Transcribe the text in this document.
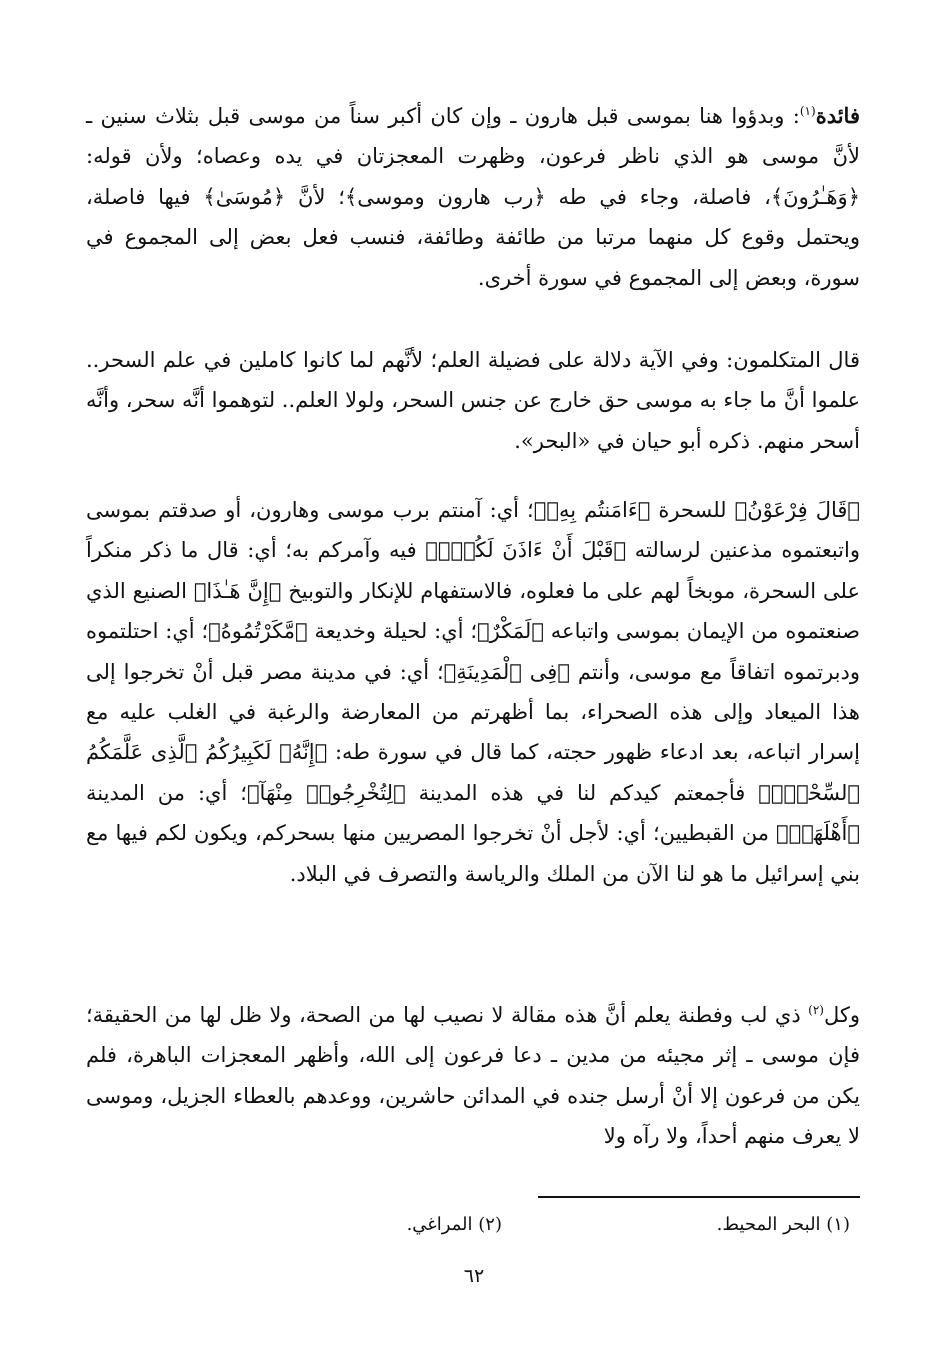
فائدة$^{(١)}$: وبدؤوا هنا بموسى قبل هارون ـ وإن كان أكبر سناً من موسى قبل بثلاث سنين ـ لأنَّ موسى هو الذي ناظر فرعون، وظهرت المعجزتان في يده وعصاه؛ ولأن قوله: ﴿وَهَـٰرُونَ﴾، فاصلة، وجاء في طه ﴿رب هارون وموسى﴾؛ لأنَّ ﴿مُوسَىٰ﴾ فيها فاصلة، ويحتمل وقوع كل منهما مرتبا من طائفة وطائفة، فنسب فعل بعض إلى المجموع في سورة، وبعض إلى المجموع في سورة أخرى.

قال المتكلمون: وفي الآية دلالة على فضيلة العلم؛ لأنَّهم لما كانوا كاملين في علم السحر.. علموا أنَّ ما جاء به موسى حق خارج عن جنس السحر، ولولا العلم.. لتوهموا أنَّه سحر، وأنَّه أسحر منهم. ذكره أبو حيان في «البحر».

﴿قَالَ فِرْعَوْنُ﴾ للسحرة ﴿ءَامَنتُم بِهِۦ﴾؛ أي: آمنتم برب موسى وهارون، أو صدقتم بموسى واتبعتموه مذعنين لرسالته ﴿قَبْلَ أَنْ ءَاذَنَ لَكُمْۖ﴾ فيه وآمركم به؛ أي: قال ما ذكر منكراً على السحرة، موبخاً لهم على ما فعلوه، فالاستفهام للإنكار والتوبيخ ﴿إِنَّ هَـٰذَا﴾ الصنيع الذي صنعتموه من الإيمان بموسى واتباعه ﴿لَمَكْرٌ﴾؛ أي: لحيلة وخديعة ﴿مَّكَرْتُمُوهُ﴾؛ أي: احتلتموه ودبرتموه اتفاقاً مع موسى، وأنتم ﴿فِى ٱلْمَدِينَةِ﴾؛ أي: في مدينة مصر قبل أنْ تخرجوا إلى هذا الميعاد وإلى هذه الصحراء، بما أظهرتم من المعارضة والرغبة في الغلب عليه مع إسرار اتباعه، بعد ادعاء ظهور حجته، كما قال في سورة طه: ﴿إِنَّهُۥ لَكَبِيرُكُمُ ٱلَّذِى عَلَّمَكُمُ ٱلسِّحْرَۖ﴾ فأجمعتم كيدكم لنا في هذه المدينة ﴿لِتُخْرِجُوا۟ مِنْهَآ﴾؛ أي: من المدينة ﴿أَهْلَهَاۖ﴾ من القبطيين؛ أي: لأجل أنْ تخرجوا المصريين منها بسحركم، ويكون لكم فيها مع بني إسرائيل ما هو لنا الآن من الملك والرياسة والتصرف في البلاد.

وكل$^{(٢)}$ ذي لب وفطنة يعلم أنَّ هذه مقالة لا نصيب لها من الصحة، ولا ظل لها من الحقيقة؛ فإن موسى ـ إثر مجيئه من مدين ـ دعا فرعون إلى الله، وأظهر المعجزات الباهرة، فلم يكن من فرعون إلا أنْ أرسل جنده في المدائن حاشرين، ووعدهم بالعطاء الجزيل، وموسى لا يعرف منهم أحداً، ولا رآه ولا

(١) البحر المحيط.
(٢) المراغي.
٦٢
